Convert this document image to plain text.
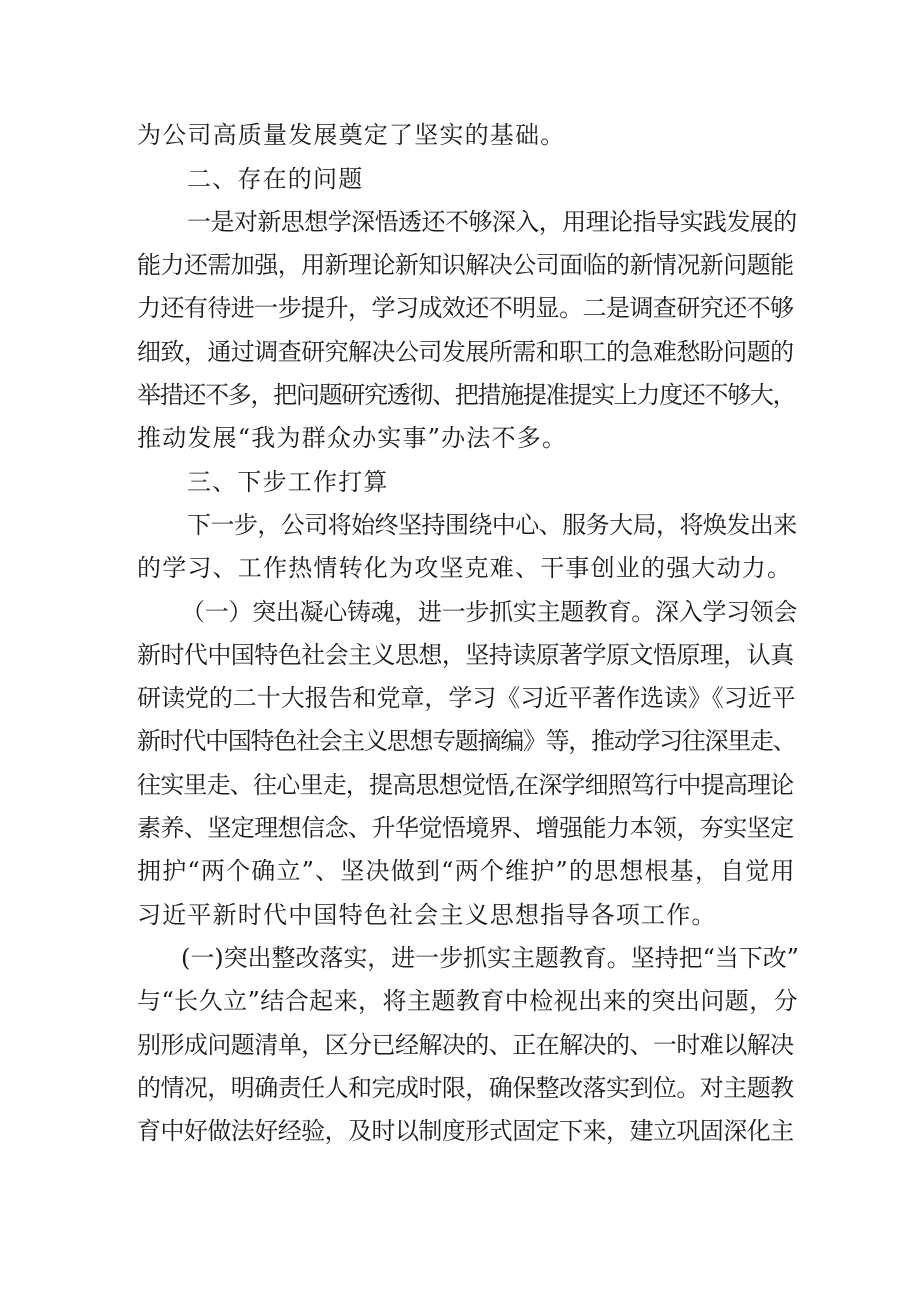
为公司高质量发展奠定了坚实的基础。
二、存在的问题
一是对新思想学深悟透还不够深入，用理论指导实践发展的
能力还需加强，用新理论新知识解决公司面临的新情况新问题能
力还有待进一步提升，学习成效还不明显。二是调查研究还不够
细致，通过调查研究解决公司发展所需和职工的急难愁盼问题的
举措还不多，把问题研究透彻、把措施提准提实上力度还不够大，
推动发展“我为群众办实事”办法不多。
三、下步工作打算
下一步，公司将始终坚持围绕中心、服务大局，将焕发出来
的学习、工作热情转化为攻坚克难、干事创业的强大动力。
（一）突出凝心铸魂，进一步抓实主题教育。深入学习领会
新时代中国特色社会主义思想，坚持读原著学原文悟原理，认真
研读党的二十大报告和党章，学习《习近平著作选读》《习近平
新时代中国特色社会主义思想专题摘编》等，推动学习往深里走、
往实里走、往心里走，提高思想觉悟,在深学细照笃行中提高理论
素养、坚定理想信念、升华觉悟境界、增强能力本领，夯实坚定
拥护“两个确立”、坚决做到“两个维护”的思想根基，自觉用
习近平新时代中国特色社会主义思想指导各项工作。
(一)突出整改落实，进一步抓实主题教育。坚持把“当下改”
与“长久立”结合起来，将主题教育中检视出来的突出问题，分
别形成问题清单，区分已经解决的、正在解决的、一时难以解决
的情况，明确责任人和完成时限，确保整改落实到位。对主题教
育中好做法好经验，及时以制度形式固定下来，建立巩固深化主
